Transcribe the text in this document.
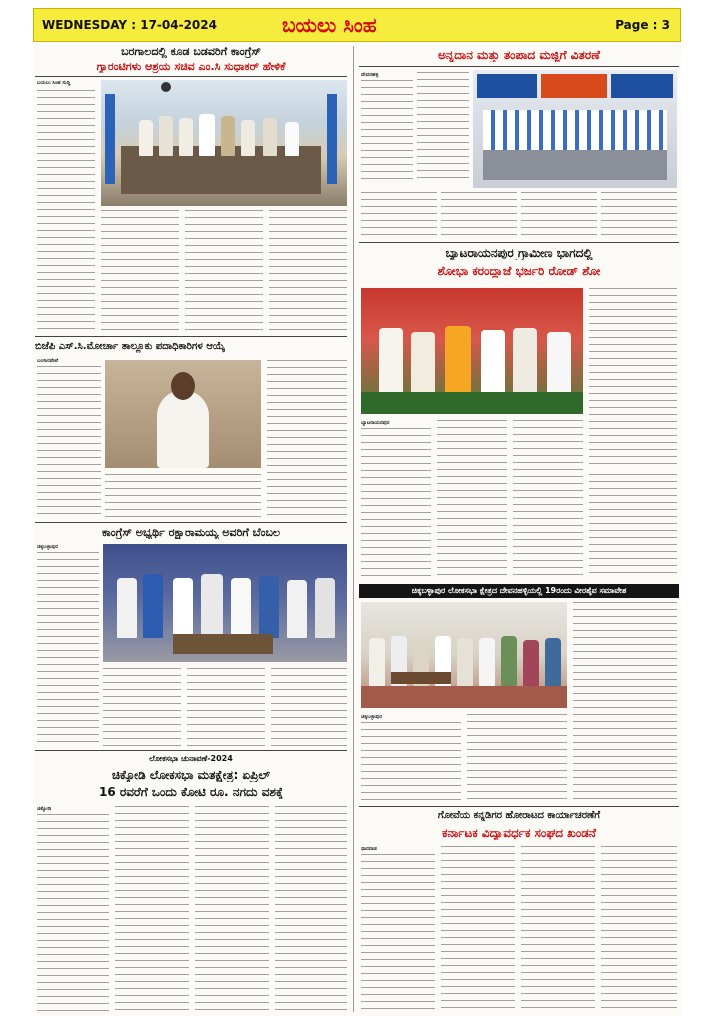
WEDNESDAY : 17-04-2024	ಬಯಲು ಸಿಂಹ	Page : 3
ಬರಗಾಲದಲ್ಲಿ ಕೂಡ ಬಡವರಿಗೆ ಕಾಂಗ್ರೆಸ್
ಗ್ಯಾರಂಟಿಗಳು ಆಶ್ರಯ ಸಚಿವ ಎಂ.ಸಿ ಸುಧಾಕರ್ ಹೇಳಿಕೆ
ಬಯಲು ಸಿಂಹ ಸುದ್ದಿ
ಬಿಜೆಪಿ ಎಸ್.ಸಿ.ಮೋರ್ಚಾ ತಾಲ್ಲೂಕು ಪದಾಧಿಕಾರಿಗಳ ಆಯ್ಕೆ
ಬಂಗಾರಪೇಟೆ
ಕಾಂಗ್ರೆಸ್ ಅಭ್ಯರ್ಥಿ ರಕ್ಷಾರಾಮಯ್ಯ ಅವರಿಗೆ ಬೆಂಬಲ
ಚಿಕ್ಕಬಳ್ಳಾಪುರ
ಲೋಕಸಭಾ ಚುನಾವಣೆ-2024
ಚಿಕ್ಕೋಡಿ ಲೋಕಸಭಾ ಮತಕ್ಷೇತ್ರ: ಏಪ್ರಿಲ್
16 ರವರೆಗೆ ಒಂದು ಕೋಟಿ ರೂ. ನಗದು ವಶಕ್ಕೆ
ಚಿಕ್ಕೋಡಿ
ಅನ್ನದಾನ ಮತ್ತು ತಂಪಾದ ಮಜ್ಜಿಗೆ ವಿತರಣೆ
ದೇವನಹಳ್ಳಿ
ಬ್ಯಾಟರಾಯನಪುರ ಗ್ರಾಮೀಣ ಭಾಗದಲ್ಲಿ
ಶೋಭಾ ಕರಂದ್ಲಾಜೆ ಭರ್ಜರಿ ರೋಡ್ ಶೋ
ಬ್ಯಾಟರಾಯನಪುರ
ಚಿಕ್ಕಬಳ್ಳಾಪುರ ಲೋಕಸಭಾ ಕ್ಷೇತ್ರದ ದೇವನಹಳ್ಳಿಯಲ್ಲಿ 19ರಂದು ವೀರಶೈವ ಸಮಾವೇಶ
ಚಿಕ್ಕಬಳ್ಳಾಪುರ
ಗೋವೆಯ ಕನ್ನಡಿಗರ ಹೋರಾಟದ ಕಾರ್ಯಾಚರಣೆಗೆ
ಕರ್ನಾಟಕ ವಿದ್ಯಾವರ್ಧಕ ಸಂಘದ ಖಂಡನೆ
ಧಾರವಾಡ
